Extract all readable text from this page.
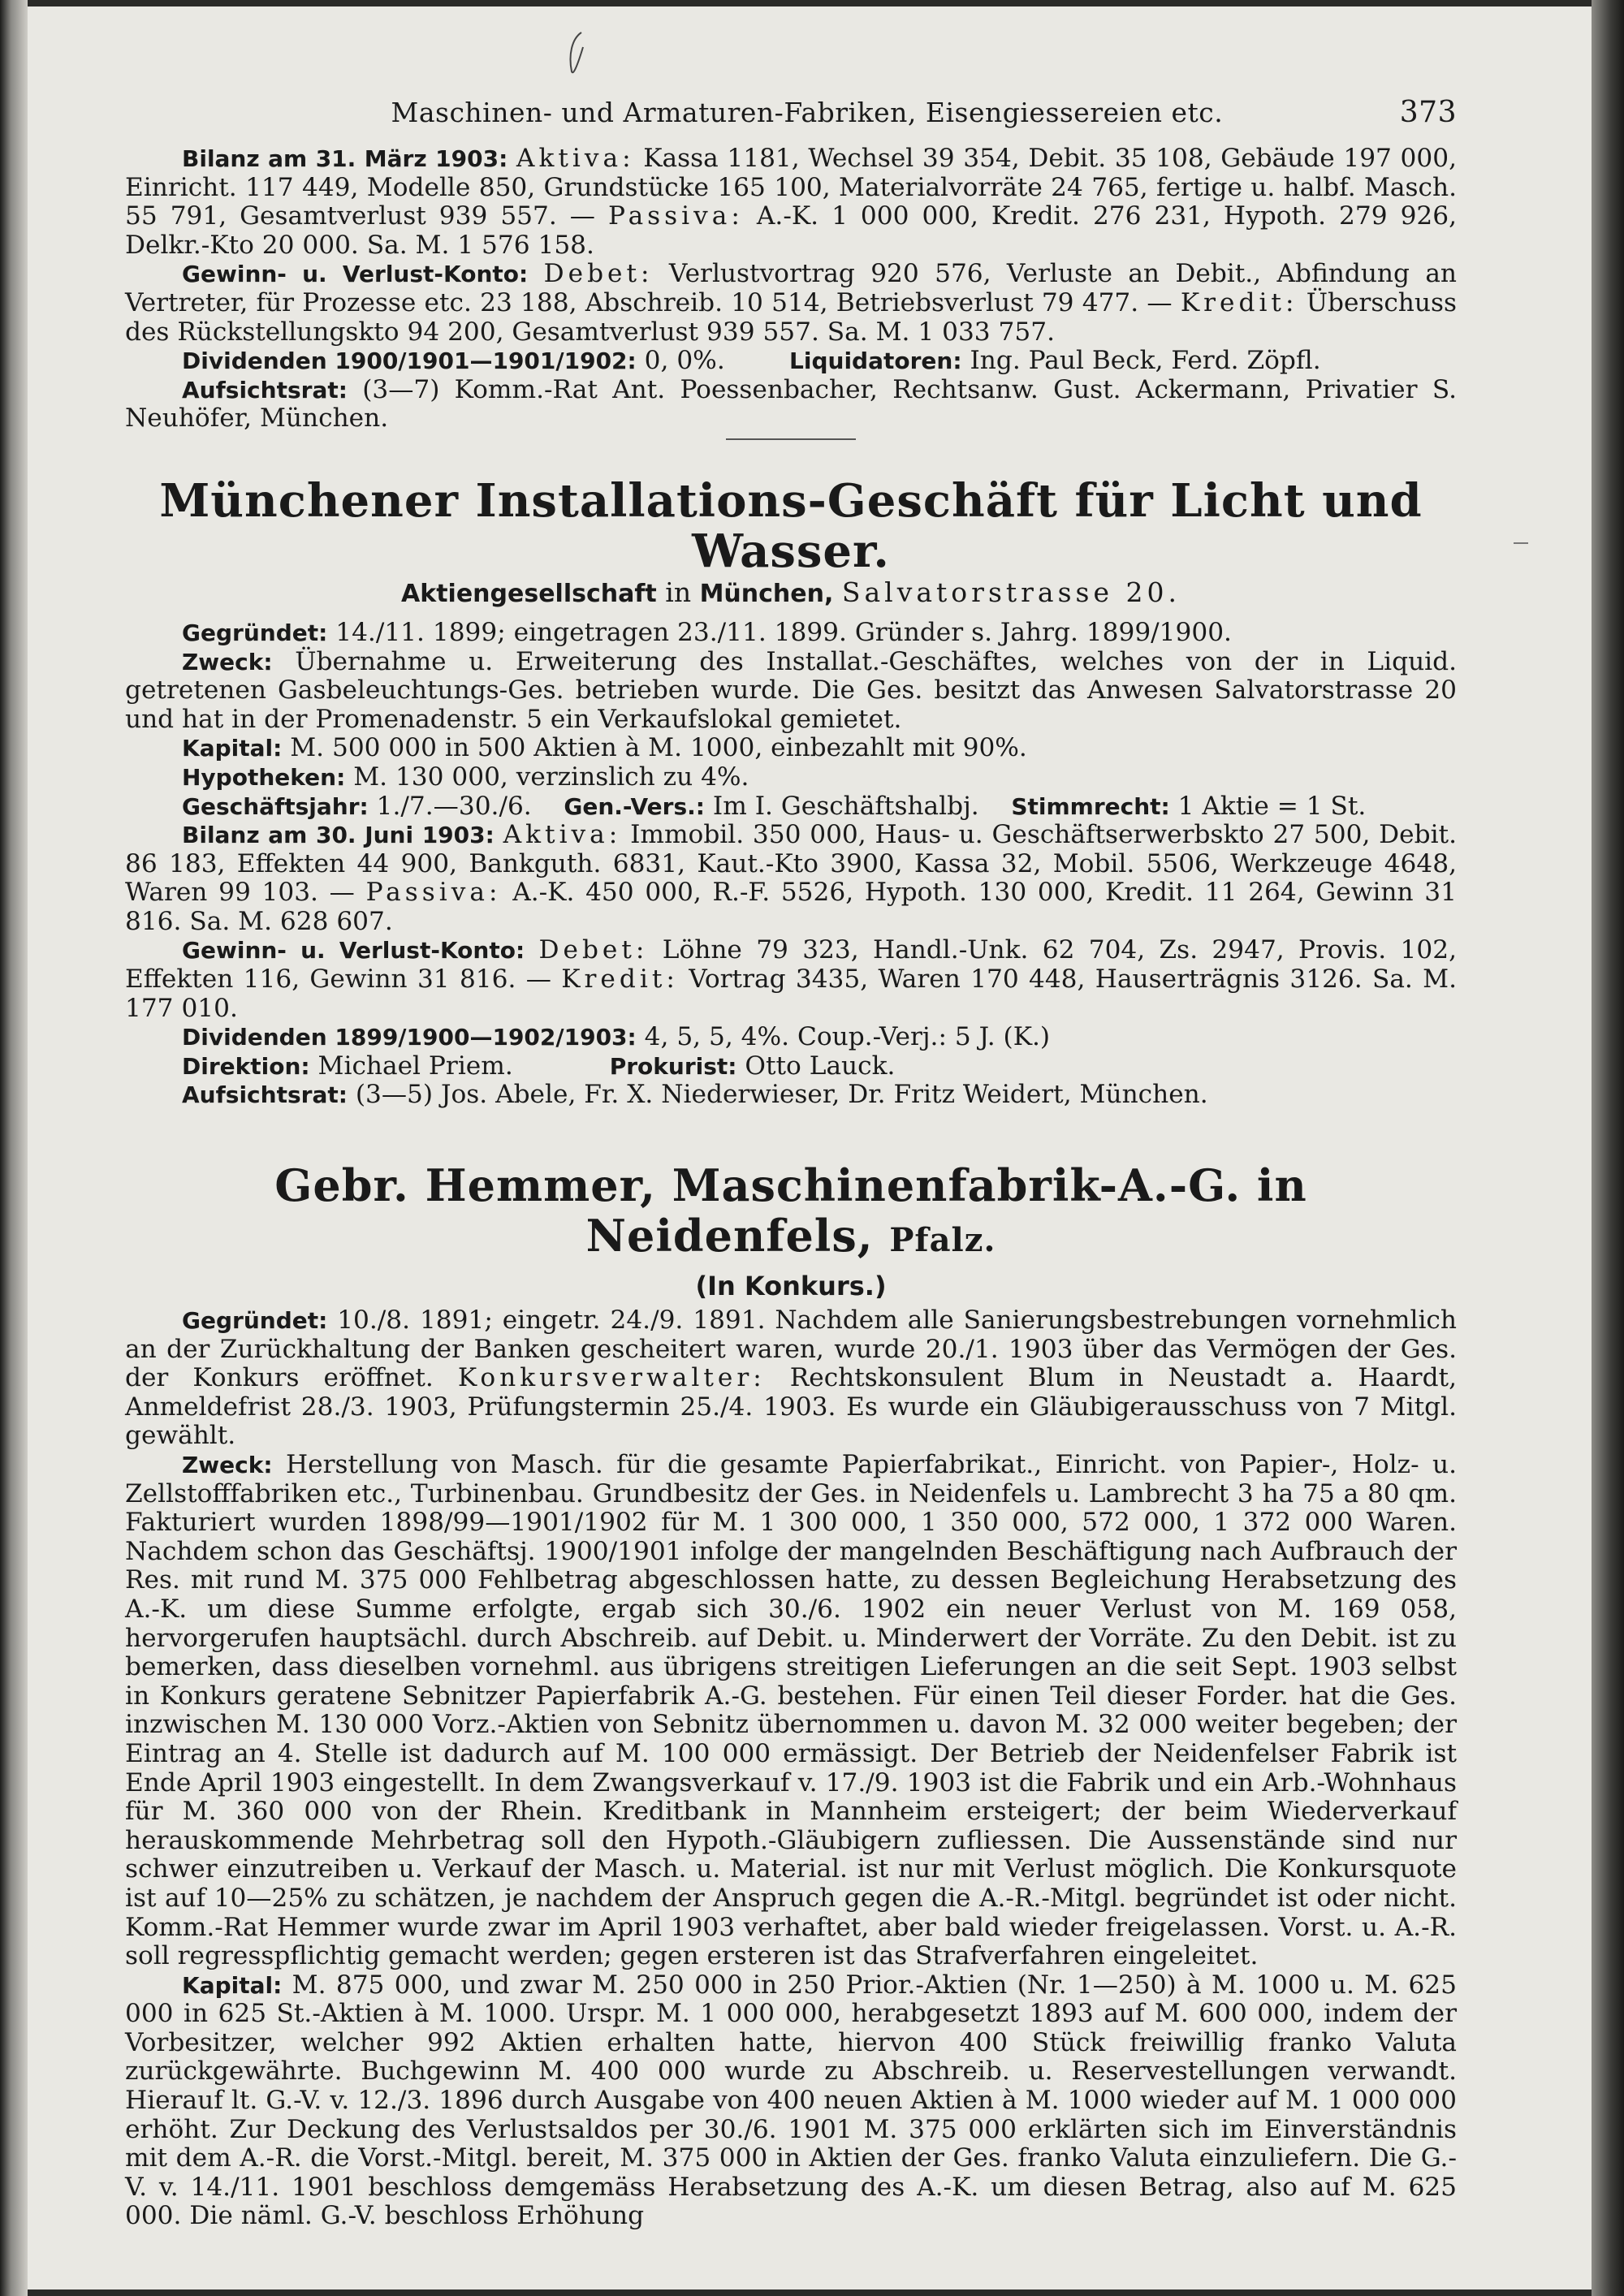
Maschinen- und Armaturen-Fabriken, Eisengiessereien etc.	373

Bilanz am 31. März 1903: Aktiva: Kassa 1181, Wechsel 39 354, Debit. 35 108, Gebäude 197 000, Einricht. 117 449, Modelle 850, Grundstücke 165 100, Materialvorräte 24 765, fertige u. halbf. Masch. 55 791, Gesamtverlust 939 557. — Passiva: A.-K. 1 000 000, Kredit. 276 231, Hypoth. 279 926, Delkr.-Kto 20 000. Sa. M. 1 576 158.

Gewinn- u. Verlust-Konto: Debet: Verlustvortrag 920 576, Verluste an Debit., Abfindung an Vertreter, für Prozesse etc. 23 188, Abschreib. 10 514, Betriebsverlust 79 477. — Kredit: Überschuss des Rückstellungskto 94 200, Gesamtverlust 939 557. Sa. M. 1 033 757.

Dividenden 1900/1901—1901/1902: 0, 0%.	Liquidatoren: Ing. Paul Beck, Ferd. Zöpfl.

Aufsichtsrat: (3—7) Komm.-Rat Ant. Poessenbacher, Rechtsanw. Gust. Ackermann, Privatier S. Neuhöfer, München.

Münchener Installations-Geschäft für Licht und Wasser.
Aktiengesellschaft in München, Salvatorstrasse 20.

Gegründet: 14./11. 1899; eingetragen 23./11. 1899. Gründer s. Jahrg. 1899/1900.

Zweck: Übernahme u. Erweiterung des Installat.-Geschäftes, welches von der in Liquid. getretenen Gasbeleuchtungs-Ges. betrieben wurde. Die Ges. besitzt das Anwesen Salvatorstrasse 20 und hat in der Promenadenstr. 5 ein Verkaufslokal gemietet.

Kapital: M. 500 000 in 500 Aktien à M. 1000, einbezahlt mit 90%.

Hypotheken: M. 130 000, verzinslich zu 4%.

Geschäftsjahr: 1./7.—30./6. Gen.-Vers.: Im I. Geschäftshalbj. Stimmrecht: 1 Aktie = 1 St.

Bilanz am 30. Juni 1903: Aktiva: Immobil. 350 000, Haus- u. Geschäftserwerbskto 27 500, Debit. 86 183, Effekten 44 900, Bankguth. 6831, Kaut.-Kto 3900, Kassa 32, Mobil. 5506, Werkzeuge 4648, Waren 99 103. — Passiva: A.-K. 450 000, R.-F. 5526, Hypoth. 130 000, Kredit. 11 264, Gewinn 31 816. Sa. M. 628 607.

Gewinn- u. Verlust-Konto: Debet: Löhne 79 323, Handl.-Unk. 62 704, Zs. 2947, Provis. 102, Effekten 116, Gewinn 31 816. — Kredit: Vortrag 3435, Waren 170 448, Hauserträgnis 3126. Sa. M. 177 010.

Dividenden 1899/1900—1902/1903: 4, 5, 5, 4%. Coup.-Verj.: 5 J. (K.)

Direktion: Michael Priem.	Prokurist: Otto Lauck.

Aufsichtsrat: (3—5) Jos. Abele, Fr. X. Niederwieser, Dr. Fritz Weidert, München.

Gebr. Hemmer, Maschinenfabrik-A.-G. in Neidenfels, Pfalz.
(In Konkurs.)

Gegründet: 10./8. 1891; eingetr. 24./9. 1891. Nachdem alle Sanierungsbestrebungen vornehmlich an der Zurückhaltung der Banken gescheitert waren, wurde 20./1. 1903 über das Vermögen der Ges. der Konkurs eröffnet. Konkursverwalter: Rechtskonsulent Blum in Neustadt a. Haardt, Anmeldefrist 28./3. 1903, Prüfungstermin 25./4. 1903. Es wurde ein Gläubigerausschuss von 7 Mitgl. gewählt.

Zweck: Herstellung von Masch. für die gesamte Papierfabrikat., Einricht. von Papier-, Holz- u. Zellstofffabriken etc., Turbinenbau. Grundbesitz der Ges. in Neidenfels u. Lambrecht 3 ha 75 a 80 qm. Fakturiert wurden 1898/99—1901/1902 für M. 1 300 000, 1 350 000, 572 000, 1 372 000 Waren. Nachdem schon das Geschäftsj. 1900/1901 infolge der mangelnden Beschäftigung nach Aufbrauch der Res. mit rund M. 375 000 Fehlbetrag abgeschlossen hatte, zu dessen Begleichung Herabsetzung des A.-K. um diese Summe erfolgte, ergab sich 30./6. 1902 ein neuer Verlust von M. 169 058, hervorgerufen hauptsächl. durch Abschreib. auf Debit. u. Minderwert der Vorräte. Zu den Debit. ist zu bemerken, dass dieselben vornehml. aus übrigens streitigen Lieferungen an die seit Sept. 1903 selbst in Konkurs geratene Sebnitzer Papierfabrik A.-G. bestehen. Für einen Teil dieser Forder. hat die Ges. inzwischen M. 130 000 Vorz.-Aktien von Sebnitz übernommen u. davon M. 32 000 weiter begeben; der Eintrag an 4. Stelle ist dadurch auf M. 100 000 ermässigt. Der Betrieb der Neidenfelser Fabrik ist Ende April 1903 eingestellt. In dem Zwangsverkauf v. 17./9. 1903 ist die Fabrik und ein Arb.-Wohnhaus für M. 360 000 von der Rhein. Kreditbank in Mannheim ersteigert; der beim Wiederverkauf herauskommende Mehrbetrag soll den Hypoth.-Gläubigern zufliessen. Die Aussenstände sind nur schwer einzutreiben u. Verkauf der Masch. u. Material. ist nur mit Verlust möglich. Die Konkursquote ist auf 10—25% zu schätzen, je nachdem der Anspruch gegen die A.-R.-Mitgl. begründet ist oder nicht. Komm.-Rat Hemmer wurde zwar im April 1903 verhaftet, aber bald wieder freigelassen. Vorst. u. A.-R. soll regresspflichtig gemacht werden; gegen ersteren ist das Strafverfahren eingeleitet.

Kapital: M. 875 000, und zwar M. 250 000 in 250 Prior.-Aktien (Nr. 1—250) à M. 1000 u. M. 625 000 in 625 St.-Aktien à M. 1000. Urspr. M. 1 000 000, herabgesetzt 1893 auf M. 600 000, indem der Vorbesitzer, welcher 992 Aktien erhalten hatte, hiervon 400 Stück freiwillig franko Valuta zurückgewährte. Buchgewinn M. 400 000 wurde zu Abschreib. u. Reservestellungen verwandt. Hierauf lt. G.-V. v. 12./3. 1896 durch Ausgabe von 400 neuen Aktien à M. 1000 wieder auf M. 1 000 000 erhöht. Zur Deckung des Verlustsaldos per 30./6. 1901 M. 375 000 erklärten sich im Einverständnis mit dem A.-R. die Vorst.-Mitgl. bereit, M. 375 000 in Aktien der Ges. franko Valuta einzuliefern. Die G.-V. v. 14./11. 1901 beschloss demgemäss Herabsetzung des A.-K. um diesen Betrag, also auf M. 625 000. Die näml. G.-V. beschloss Erhöhung
